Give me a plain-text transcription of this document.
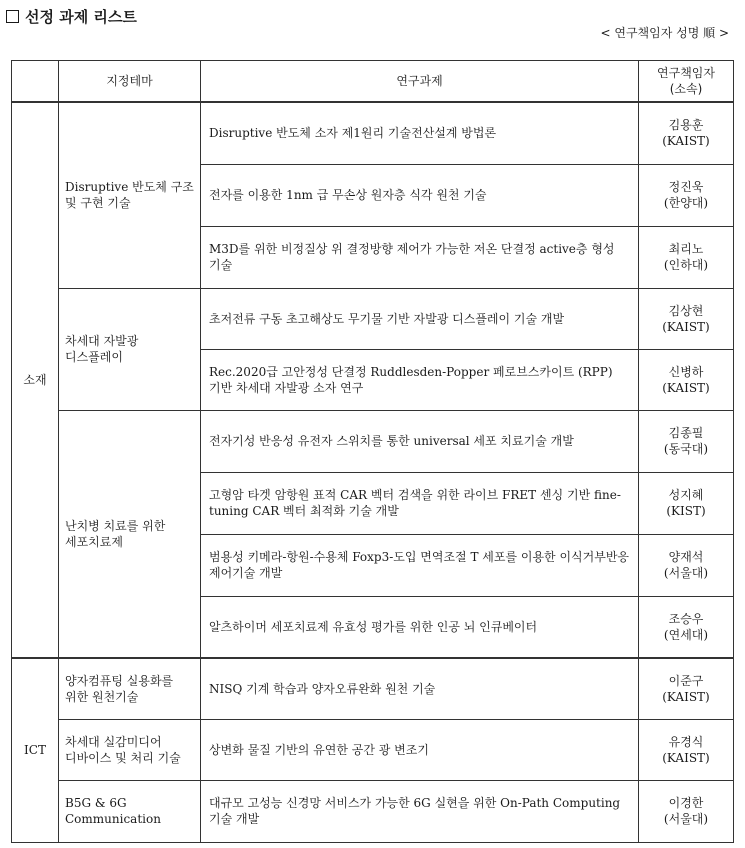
선정 과제 리스트
< 연구책임자 성명 順 >
	지정테마	연구과제	연구책임자
(소속)

소재	Disruptive 반도체 구조 및 구현 기술	Disruptive 반도체 소자 제1원리 기술전산설계 방법론	김용훈
(KAIST)

		전자를 이용한 1nm 급 무손상 원자층 식각 원천 기술	정진욱
(한양대)

		M3D를 위한 비정질상 위 결정방향 제어가 가능한 저온 단결정 active층 형성 기술	최리노
(인하대)

	차세대 자발광 디스플레이	초저전류 구동 초고해상도 무기물 기반 자발광 디스플레이 기술 개발	김상현
(KAIST)

		Rec.2020급 고안정성 단결정 Ruddlesden-Popper 페로브스카이트 (RPP) 기반 차세대 자발광 소자 연구	신병하
(KAIST)

	난치병 치료를 위한 세포치료제	전자기성 반응성 유전자 스위치를 통한 universal 세포 치료기술 개발	김종필
(동국대)

		고형암 타겟 암항원 표적 CAR 벡터 검색을 위한 라이브 FRET 센싱 기반 fine-tuning CAR 벡터 최적화 기술 개발	성지혜
(KIST)

		범용성 키메라-항원-수용체 Foxp3-도입 면역조절 T 세포를 이용한 이식거부반응 제어기술 개발	양재석
(서울대)

		알츠하이머 세포치료제 유효성 평가를 위한 인공 뇌 인큐베이터	조승우
(연세대)

ICT	양자컴퓨팅 실용화를 위한 원천기술	NISQ 기계 학습과 양자오류완화 원천 기술	이준구
(KAIST)

	차세대 실감미디어 디바이스 및 처리 기술	상변화 물질 기반의 유연한 공간 광 변조기	유경식
(KAIST)

	B5G & 6G Communication	대규모 고성능 신경망 서비스가 가능한 6G 실현을 위한 On-Path Computing 기술 개발	이경한
(서울대)
